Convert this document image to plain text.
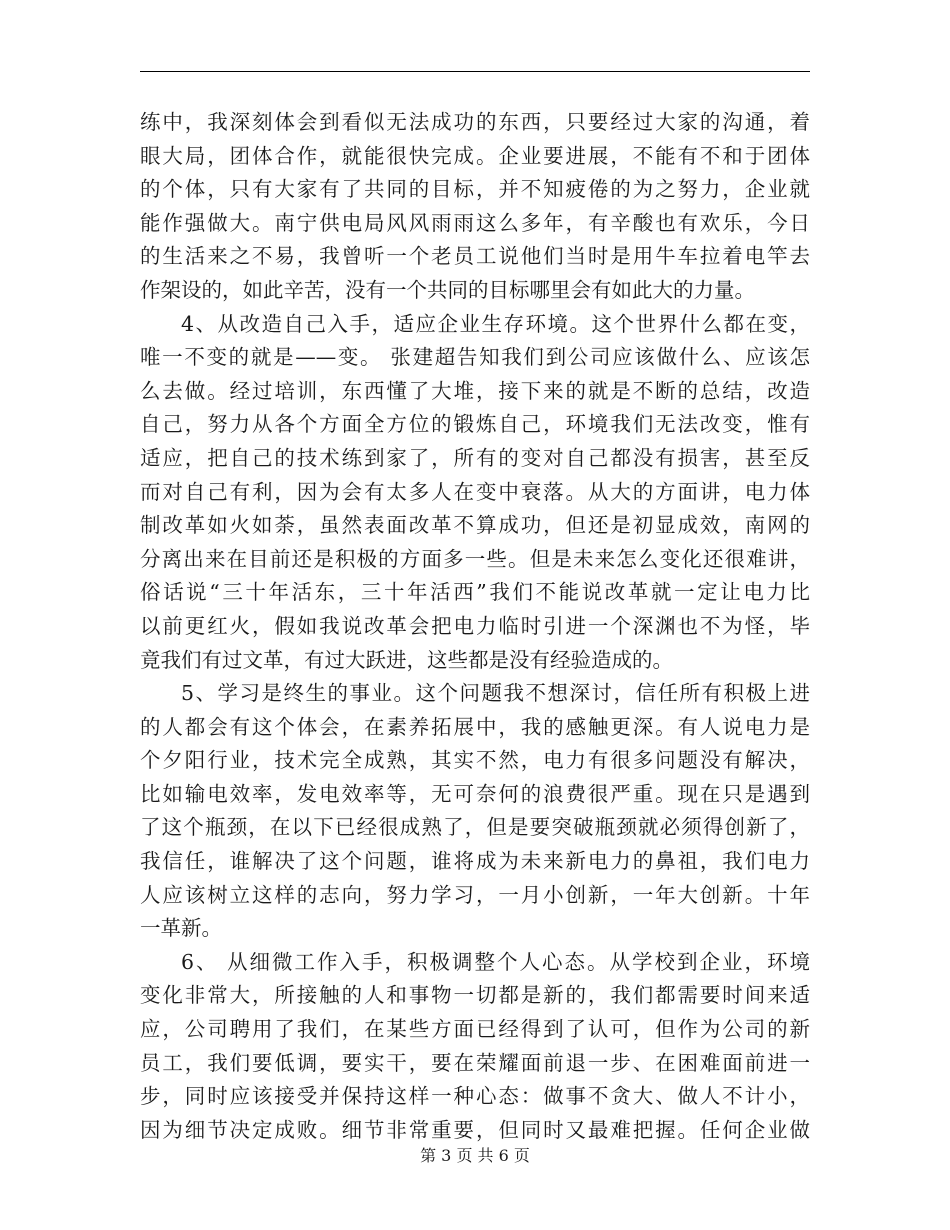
练中，我深刻体会到看似无法成功的东西，只要经过大家的沟通，着
眼大局，团体合作，就能很快完成。企业要进展，不能有不和于团体
的个体，只有大家有了共同的目标，并不知疲倦的为之努力，企业就
能作强做大。南宁供电局风风雨雨这么多年，有辛酸也有欢乐，今日
的生活来之不易，我曾听一个老员工说他们当时是用牛车拉着电竿去
作架设的，如此辛苦，没有一个共同的目标哪里会有如此大的力量。
4、从改造自己入手，适应企业生存环境。这个世界什么都在变，
唯一不变的就是——变。 张建超告知我们到公司应该做什么、应该怎
么去做。经过培训，东西懂了大堆，接下来的就是不断的总结，改造
自己，努力从各个方面全方位的锻炼自己，环境我们无法改变，惟有
适应，把自己的技术练到家了，所有的变对自己都没有损害，甚至反
而对自己有利，因为会有太多人在变中衰落。从大的方面讲，电力体
制改革如火如荼，虽然表面改革不算成功，但还是初显成效，南网的
分离出来在目前还是积极的方面多一些。但是未来怎么变化还很难讲，
俗话说“三十年活东，三十年活西”我们不能说改革就一定让电力比
以前更红火，假如我说改革会把电力临时引进一个深渊也不为怪，毕
竟我们有过文革，有过大跃进，这些都是没有经验造成的。
5、学习是终生的事业。这个问题我不想深讨，信任所有积极上进
的人都会有这个体会，在素养拓展中，我的感触更深。有人说电力是
个夕阳行业，技术完全成熟，其实不然，电力有很多问题没有解决，
比如输电效率，发电效率等，无可奈何的浪费很严重。现在只是遇到
了这个瓶颈，在以下已经很成熟了，但是要突破瓶颈就必须得创新了，
我信任，谁解决了这个问题，谁将成为未来新电力的鼻祖，我们电力
人应该树立这样的志向，努力学习，一月小创新，一年大创新。十年
一革新。
6、 从细微工作入手，积极调整个人心态。从学校到企业，环境
变化非常大，所接触的人和事物一切都是新的，我们都需要时间来适
应，公司聘用了我们，在某些方面已经得到了认可，但作为公司的新
员工，我们要低调，要实干，要在荣耀面前退一步、在困难面前进一
步，同时应该接受并保持这样一种心态：做事不贪大、做人不计小，
因为细节决定成败。细节非常重要，但同时又最难把握。任何企业做
第 3 页 共 6 页
